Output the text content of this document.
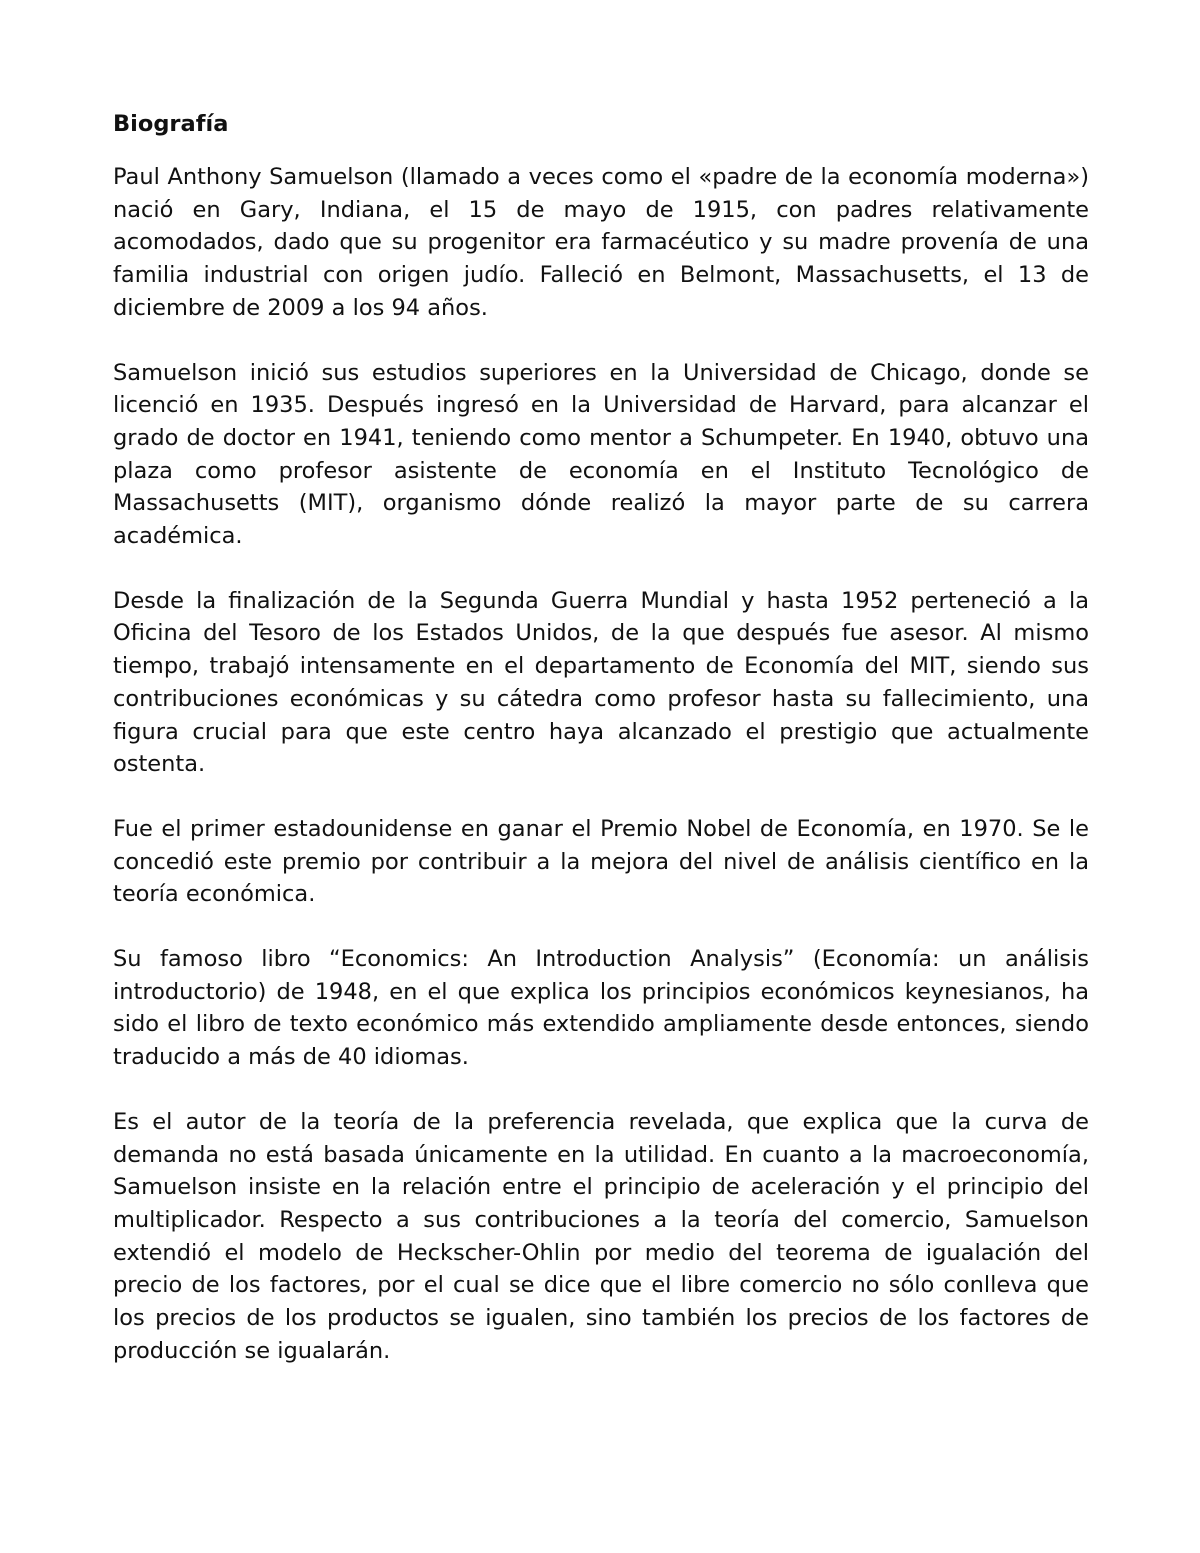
Biografía

Paul Anthony Samuelson (llamado a veces como el «padre de la economía moderna») nació en Gary, Indiana, el 15 de mayo de 1915, con padres relativamente acomodados, dado que su progenitor era farmacéutico y su madre provenía de una familia industrial con origen judío. Falleció en Belmont, Massachusetts, el 13 de diciembre de 2009 a los 94 años.

Samuelson inició sus estudios superiores en la Universidad de Chicago, donde se licenció en 1935. Después ingresó en la Universidad de Harvard, para alcanzar el grado de doctor en 1941, teniendo como mentor a Schumpeter. En 1940, obtuvo una plaza como profesor asistente de economía en el Instituto Tecnológico de Massachusetts (MIT), organismo dónde realizó la mayor parte de su carrera académica.

Desde la finalización de la Segunda Guerra Mundial y hasta 1952 perteneció a la Oficina del Tesoro de los Estados Unidos, de la que después fue asesor. Al mismo tiempo, trabajó intensamente en el departamento de Economía del MIT, siendo sus contribuciones económicas y su cátedra como profesor hasta su fallecimiento, una figura crucial para que este centro haya alcanzado el prestigio que actualmente ostenta.

Fue el primer estadounidense en ganar el Premio Nobel de Economía, en 1970. Se le concedió este premio por contribuir a la mejora del nivel de análisis científico en la teoría económica.

Su famoso libro “Economics: An Introduction Analysis” (Economía: un análisis introductorio) de 1948, en el que explica los principios económicos keynesianos, ha sido el libro de texto económico más extendido ampliamente desde entonces, siendo traducido a más de 40 idiomas.

Es el autor de la teoría de la preferencia revelada, que explica que la curva de demanda no está basada únicamente en la utilidad. En cuanto a la macroeconomía, Samuelson insiste en la relación entre el principio de aceleración y el principio del multiplicador. Respecto a sus contribuciones a la teoría del comercio, Samuelson extendió el modelo de Heckscher-Ohlin por medio del teorema de igualación del precio de los factores, por el cual se dice que el libre comercio no sólo conlleva que los precios de los productos se igualen, sino también los precios de los factores de producción se igualarán.
